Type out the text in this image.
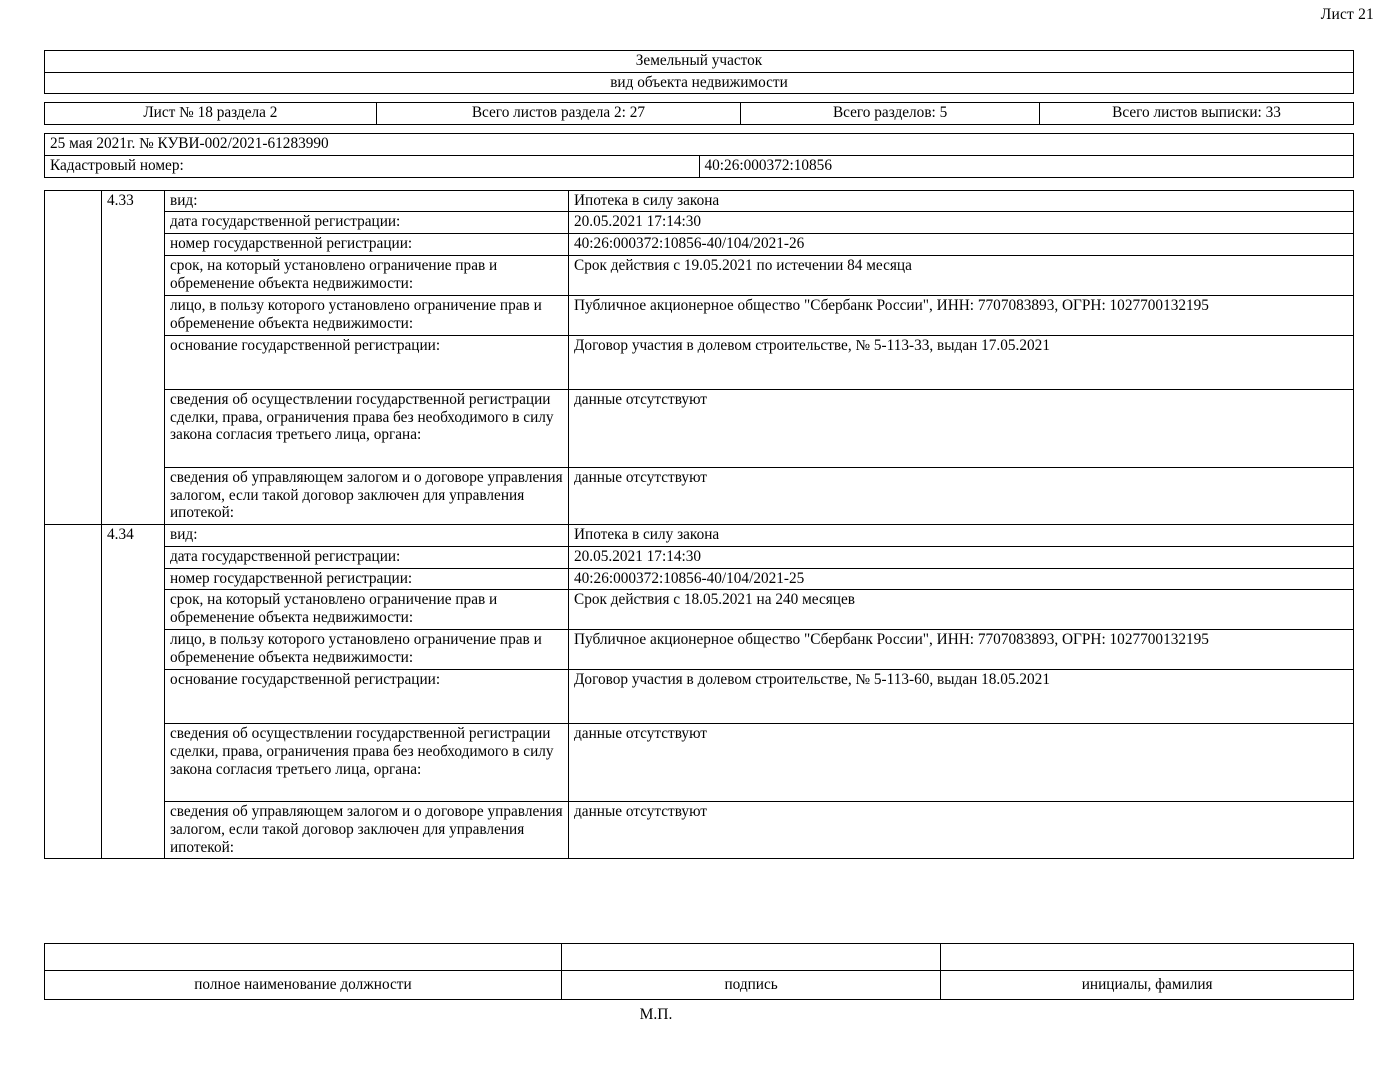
Лист 21
Земельный участок
вид объекта недвижимости
Лист № 18 раздела 2	Всего листов раздела 2: 27	Всего разделов: 5	Всего листов выписки: 33
25 мая 2021г. № КУВИ-002/2021-61283990
Кадастровый номер:	40:26:000372:10856
	4.33	вид:	Ипотека в силу закона
		дата государственной регистрации:	20.05.2021 17:14:30
		номер государственной регистрации:	40:26:000372:10856-40/104/2021-26
		срок, на который установлено ограничение прав и обременение объекта недвижимости:	Срок действия с 19.05.2021 по истечении 84 месяца
		лицо, в пользу которого установлено ограничение прав и обременение объекта недвижимости:	Публичное акционерное общество "Сбербанк России", ИНН: 7707083893, ОГРН: 1027700132195
		основание государственной регистрации:	Договор участия в долевом строительстве, № 5-113-33, выдан 17.05.2021
		сведения об осуществлении государственной регистрации сделки, права, ограничения права без необходимого в силу закона согласия третьего лица, органа:	данные отсутствуют
		сведения об управляющем залогом и о договоре управления залогом, если такой договор заключен для управления ипотекой:	данные отсутствуют
	4.34	вид:	Ипотека в силу закона
		дата государственной регистрации:	20.05.2021 17:14:30
		номер государственной регистрации:	40:26:000372:10856-40/104/2021-25
		срок, на который установлено ограничение прав и обременение объекта недвижимости:	Срок действия с 18.05.2021 на 240 месяцев
		лицо, в пользу которого установлено ограничение прав и обременение объекта недвижимости:	Публичное акционерное общество "Сбербанк России", ИНН: 7707083893, ОГРН: 1027700132195
		основание государственной регистрации:	Договор участия в долевом строительстве, № 5-113-60, выдан 18.05.2021
		сведения об осуществлении государственной регистрации сделки, права, ограничения права без необходимого в силу закона согласия третьего лица, органа:	данные отсутствуют
		сведения об управляющем залогом и о договоре управления залогом, если такой договор заключен для управления ипотекой:	данные отсутствуют

полное наименование должности	подпись	инициалы, фамилия
М.П.
